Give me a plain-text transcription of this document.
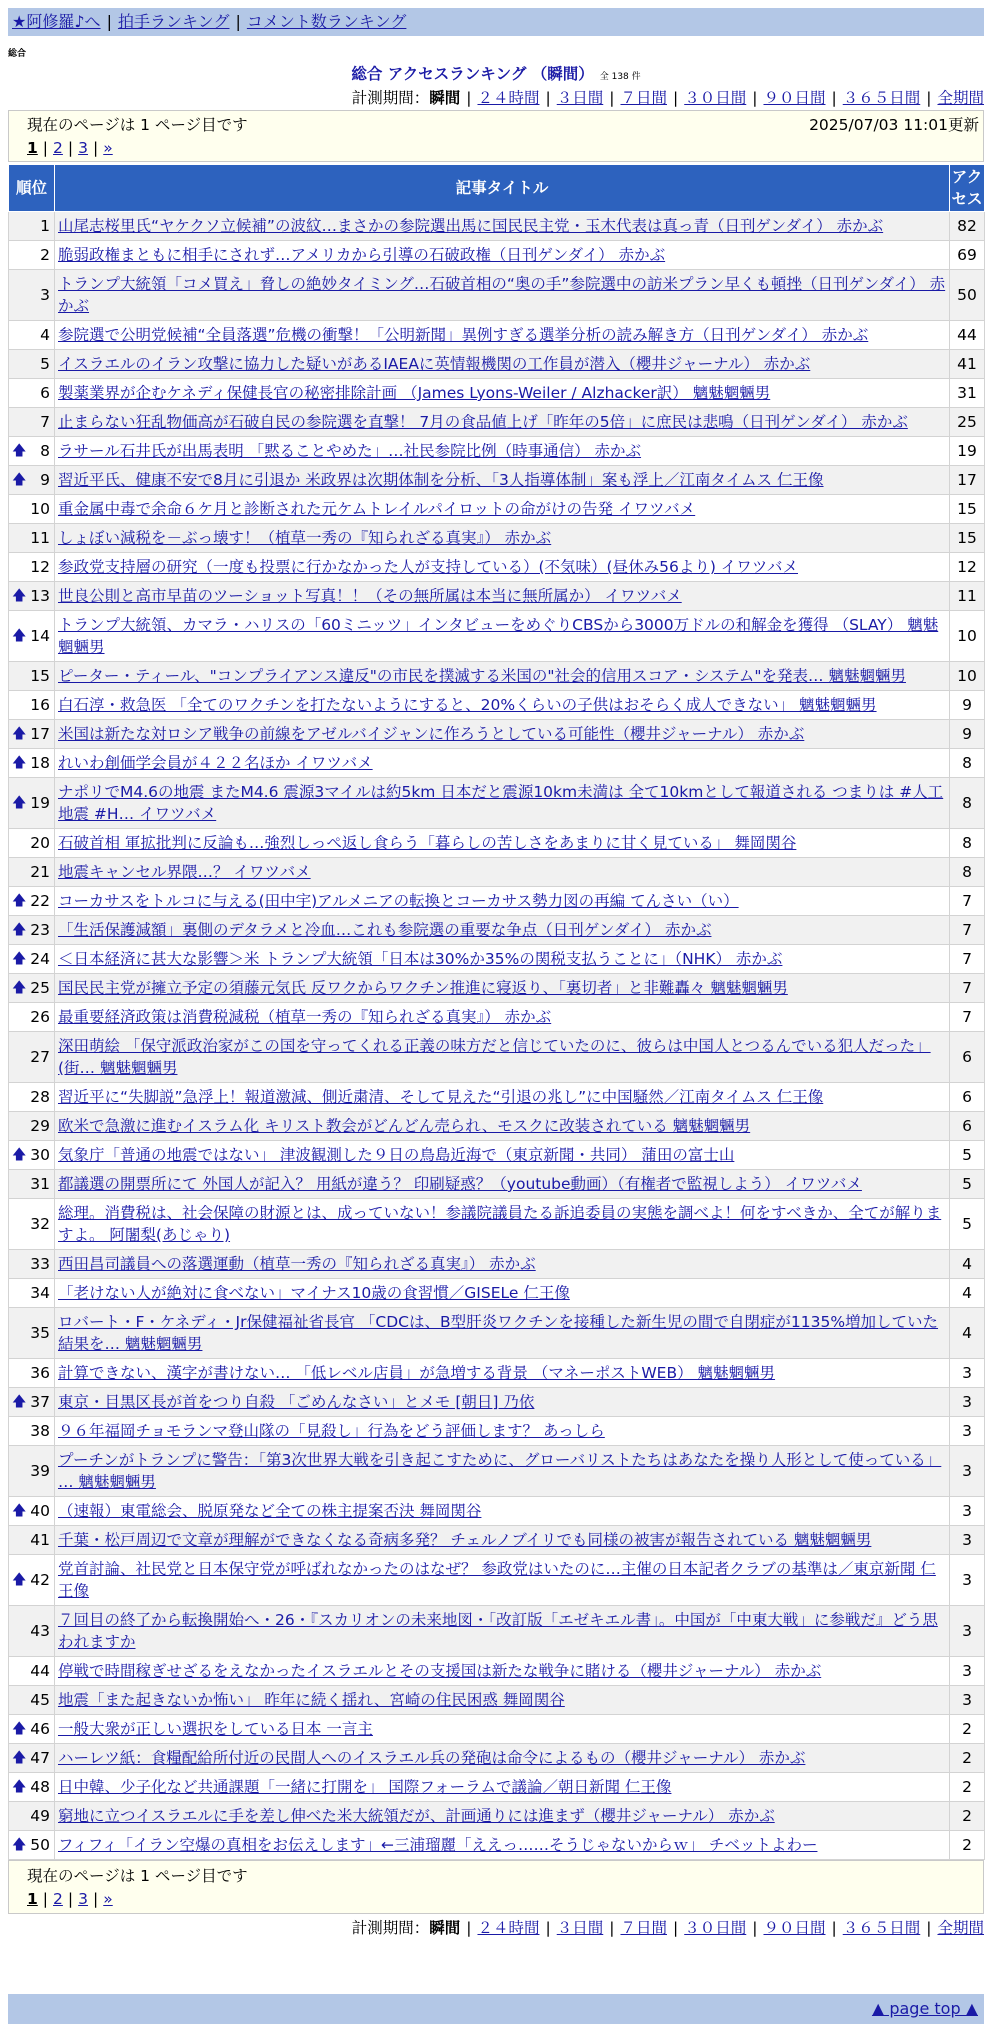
★阿修羅♪へ | 拍手ランキング | コメント数ランキング
総合
総合 アクセスランキング （瞬間） 全 138 件
計測期間：瞬間 | ２４時間 | ３日間 | ７日間 | ３０日間 | ９０日間 | ３６５日間 | 全期間
現在のページは 1 ページ目です	2025/07/03 11:01更新
1 | 2 | 3 | »
順位	記事タイトル	アクセス
1	山尾志桜里氏“ヤケクソ立候補”の波紋…まさかの参院選出馬に国民民主党・玉木代表は真っ青（日刊ゲンダイ） 赤かぶ	82
2	脆弱政権まともに相手にされず…アメリカから引導の石破政権（日刊ゲンダイ） 赤かぶ	69
3	トランプ大統領「コメ買え」脅しの絶妙タイミング…石破首相の“奥の手”参院選中の訪米プラン早くも頓挫（日刊ゲンダイ） 赤かぶ	50
4	参院選で公明党候補“全員落選”危機の衝撃！「公明新聞」異例すぎる選挙分析の読み解き方（日刊ゲンダイ） 赤かぶ	44
5	イスラエルのイラン攻撃に協力した疑いがあるIAEAに英情報機関の工作員が潜入（櫻井ジャーナル） 赤かぶ	41
6	製薬業界が企むケネディ保健長官の秘密排除計画 （James Lyons-Weiler / Alzhacker訳） 魑魅魍魎男	31
7	止まらない狂乱物価高が石破自民の参院選を直撃！ 7月の食品値上げ「昨年の5倍」に庶民は悲鳴（日刊ゲンダイ） 赤かぶ	25

🡅 8	ラサール石井氏が出馬表明 「黙ることやめた」…社民参院比例（時事通信） 赤かぶ	19

🡅 9	習近平氏、健康不安で8月に引退か 米政界は次期体制を分析、「3人指導体制」案も浮上／江南タイムス 仁王像	17
10	重金属中毒で余命６ケ月と診断された元ケムトレイルパイロットの命がけの告発 イワツバメ	15
11	しょぼい減税を－ぶっ壊す！（植草一秀の『知られざる真実』） 赤かぶ	15
12	参政党支持層の研究（一度も投票に行かなかった人が支持している）(不気味）(昼休み56より) イワツバメ	12

🡅 13	世良公則と高市早苗のツーショット写真！！（その無所属は本当に無所属か） イワツバメ	11

🡅 14	トランプ大統領、カマラ・ハリスの「60ミニッツ」インタビューをめぐりCBSから3000万ドルの和解金を獲得 （SLAY） 魑魅魍魎男	10
15	ピーター・ティール、"コンプライアンス違反"の市民を撲滅する米国の"社会的信用スコア・システム"を発表… 魑魅魍魎男	10
16	白石淳・救急医 「全てのワクチンを打たないようにすると、20%くらいの子供はおそらく成人できない」 魑魅魍魎男	9

🡅 17	米国は新たな対ロシア戦争の前線をアゼルバイジャンに作ろうとしている可能性（櫻井ジャーナル） 赤かぶ	9

🡅 18	れいわ創価学会員が４２２名ほか イワツバメ	8

🡅 19	ナポリでM4.6の地震 またM4.6 震源3マイルは約5km 日本だと震源10km未満は 全て10kmとして報道される つまりは #人工地震 #H… イワツバメ	8
20	石破首相 軍拡批判に反論も…強烈しっぺ返し食らう「暮らしの苦しさをあまりに甘く見ている」 舞岡関谷	8
21	地震キャンセル界隈…？ イワツバメ	8

🡅 22	コーカサスをトルコに与える(田中宇)アルメニアの転換とコーカサス勢力図の再編 てんさい（い）	7

🡅 23	「生活保護減額」裏側のデタラメと冷血…これも参院選の重要な争点（日刊ゲンダイ） 赤かぶ	7

🡅 24	＜日本経済に甚大な影響＞米 トランプ大統領「日本は30%か35%の関税支払うことに」（NHK） 赤かぶ	7

🡅 25	国民民主党が擁立予定の須藤元気氏 反ワクからワクチン推進に寝返り、「裏切者」と非難轟々 魑魅魍魎男	7
26	最重要経済政策は消費税減税（植草一秀の『知られざる真実』） 赤かぶ	7
27	深田萌絵 「保守派政治家がこの国を守ってくれる正義の味方だと信じていたのに、彼らは中国人とつるんでいる犯人だった」(街… 魑魅魍魎男	6
28	習近平に“失脚説”急浮上！報道激減、側近粛清、そして見えた“引退の兆し”に中国騒然／江南タイムス 仁王像	6
29	欧米で急激に進むイスラム化 キリスト教会がどんどん売られ、モスクに改装されている 魑魅魍魎男	6

🡅 30	気象庁「普通の地震ではない」 津波観測した９日の鳥島近海で（東京新聞・共同） 蒲田の富士山	5
31	都議選の開票所にて 外国人が記入？ 用紙が違う？ 印刷疑惑？（youtube動画）（有権者で監視しよう） イワツバメ	5
32	総理。消費税は、社会保障の財源とは、成っていない！参議院議員たる訴追委員の実態を調べよ！何をすべきか、全てが解りますよ。 阿闍梨(あじゃり)	5
33	西田昌司議員への落選運動（植草一秀の『知られざる真実』） 赤かぶ	4
34	「老けない人が絶対に食べない」マイナス10歳の食習慣／GISELe 仁王像	4
35	ロバート・F・ケネディ・Jr保健福祉省長官 「CDCは、B型肝炎ワクチンを接種した新生児の間で自閉症が1135%増加していた結果を… 魑魅魍魎男	4
36	計算できない、漢字が書けない… 「低レベル店員」が急増する背景 （マネーポストWEB） 魑魅魍魎男	3

🡅 37	東京・目黒区長が首をつり自殺 「ごめんなさい」とメモ [朝日] 乃依	3
38	９６年福岡チョモランマ登山隊の「見殺し」行為をどう評価します？ あっしら	3
39	プーチンがトランプに警告：「第3次世界大戦を引き起こすために、グローバリストたちはあなたを操り人形として使っている」 … 魑魅魍魎男	3

🡅 40	（速報）東電総会、脱原発など全ての株主提案否決 舞岡関谷	3
41	千葉・松戸周辺で文章が理解ができなくなる奇病多発？ チェルノブイリでも同様の被害が報告されている 魑魅魍魎男	3

🡅 42	党首討論、社民党と日本保守党が呼ばれなかったのはなぜ？ 参政党はいたのに…主催の日本記者クラブの基準は／東京新聞 仁王像	3
43	７回目の終了から転換開始へ・26・『スカリオンの未来地図・「改訂版「エゼキエル書」。中国が「中東大戦」に参戦だ』どう思われますか	3
44	停戦で時間稼ぎせざるをえなかったイスラエルとその支援国は新たな戦争に賭ける（櫻井ジャーナル） 赤かぶ	3
45	地震「また起きないか怖い」 昨年に続く揺れ、宮崎の住民困惑 舞岡関谷	3

🡅 46	一般大衆が正しい選択をしている日本 一言主	2

🡅 47	ハーレツ紙：食糧配給所付近の民間人へのイスラエル兵の発砲は命令によるもの（櫻井ジャーナル） 赤かぶ	2

🡅 48	日中韓、少子化など共通課題「一緒に打開を」 国際フォーラムで議論／朝日新聞 仁王像	2
49	窮地に立つイスラエルに手を差し伸べた米大統領だが、計画通りには進まず（櫻井ジャーナル） 赤かぶ	2

🡅 50	フィフィ「イラン空爆の真相をお伝えします」←三浦瑠麗「ええっ……そうじゃないからｗ」 チベットよわー	2
現在のページは 1 ページ目です
1 | 2 | 3 | »
計測期間：瞬間 | ２４時間 | ３日間 | ７日間 | ３０日間 | ９０日間 | ３６５日間 | 全期間
▲ page top ▲
